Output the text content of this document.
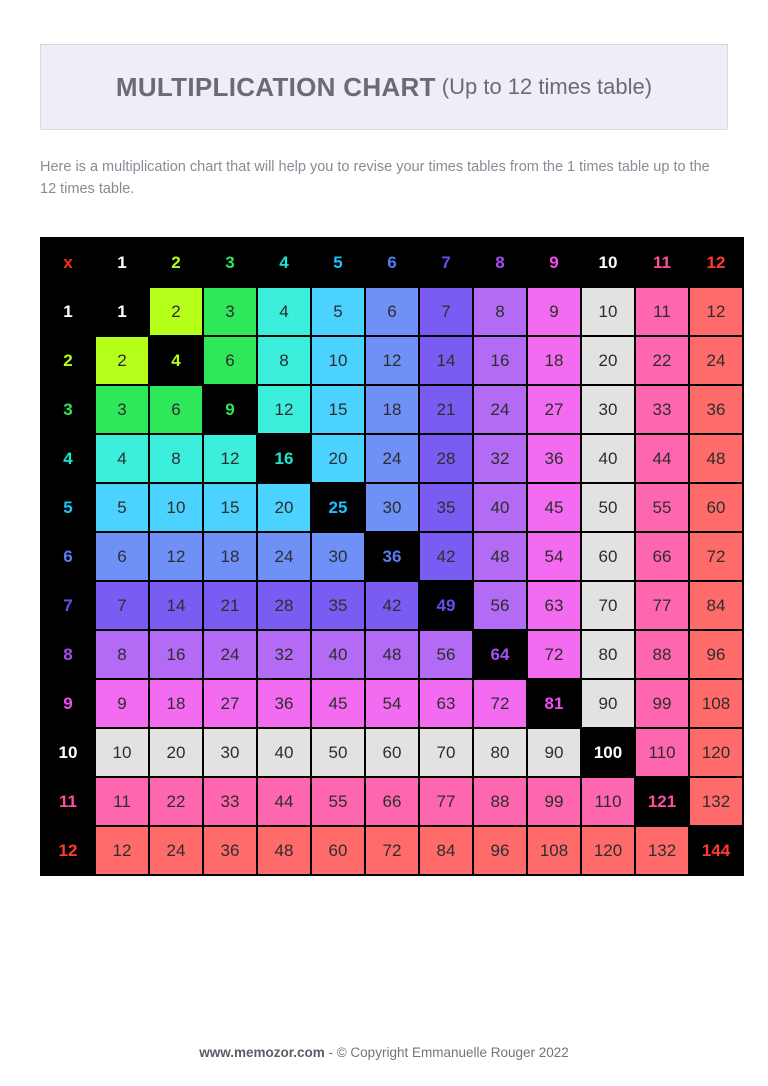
MULTIPLICATION CHART (Up to 12 times table)

Here is a multiplication chart that will help you to revise your times tables from the 1 times table up to the 12 times table.

x	1	2	3	4	5	6	7	8	9	10	11	12
1	1	2	3	4	5	6	7	8	9	10	11	12
2	2	4	6	8	10	12	14	16	18	20	22	24
3	3	6	9	12	15	18	21	24	27	30	33	36
4	4	8	12	16	20	24	28	32	36	40	44	48
5	5	10	15	20	25	30	35	40	45	50	55	60
6	6	12	18	24	30	36	42	48	54	60	66	72
7	7	14	21	28	35	42	49	56	63	70	77	84
8	8	16	24	32	40	48	56	64	72	80	88	96
9	9	18	27	36	45	54	63	72	81	90	99	108
10	10	20	30	40	50	60	70	80	90	100	110	120
11	11	22	33	44	55	66	77	88	99	110	121	132
12	12	24	36	48	60	72	84	96	108	120	132	144
www.memozor.com - © Copyright Emmanuelle Rouger 2022
